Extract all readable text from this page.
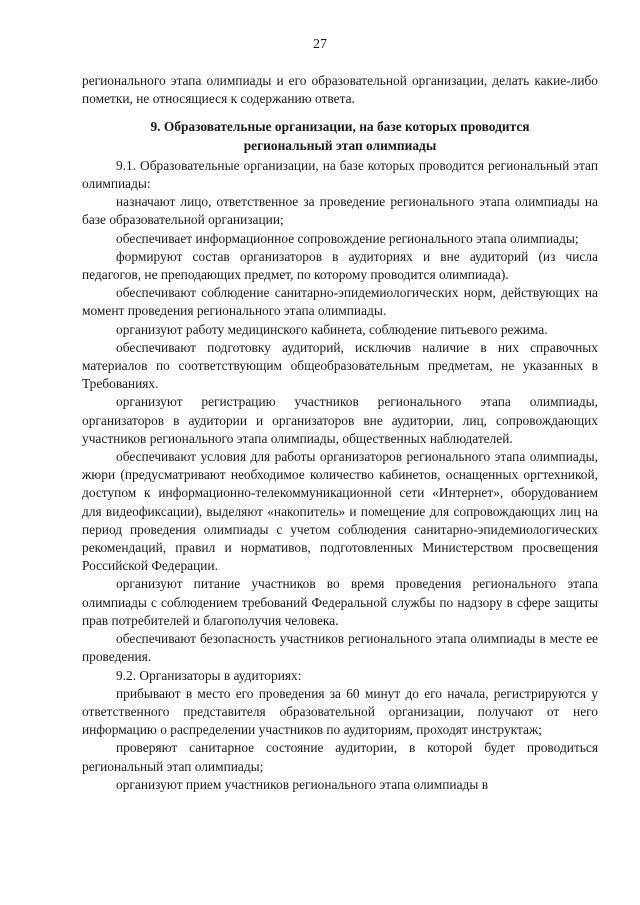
27

регионального этапа олимпиады и его образовательной организации, делать какие-либо пометки, не относящиеся к содержанию ответа.

9. Образовательные организации, на базе которых проводится региональный этап олимпиады

9.1. Образовательные организации, на базе которых проводится региональный этап олимпиады:

назначают лицо, ответственное за проведение регионального этапа олимпиады на базе образовательной организации;

обеспечивает информационное сопровождение регионального этапа олимпиады;

формируют состав организаторов в аудиториях и вне аудиторий (из числа педагогов, не преподающих предмет, по которому проводится олимпиада).

обеспечивают соблюдение санитарно-эпидемиологических норм, действующих на момент проведения регионального этапа олимпиады.

организуют работу медицинского кабинета, соблюдение питьевого режима.

обеспечивают подготовку аудиторий, исключив наличие в них справочных материалов по соответствующим общеобразовательным предметам, не указанных в Требованиях.

организуют регистрацию участников регионального этапа олимпиады, организаторов в аудитории и организаторов вне аудитории, лиц, сопровождающих участников регионального этапа олимпиады, общественных наблюдателей.

обеспечивают условия для работы организаторов регионального этапа олимпиады, жюри (предусматривают необходимое количество кабинетов, оснащенных оргтехникой, доступом к информационно-телекоммуникационной сети «Интернет», оборудованием для видеофиксации), выделяют «накопитель» и помещение для сопровождающих лиц на период проведения олимпиады с учетом соблюдения санитарно-эпидемиологических рекомендаций, правил и нормативов, подготовленных Министерством просвещения Российской Федерации.

организуют питание участников во время проведения регионального этапа олимпиады с соблюдением требований Федеральной службы по надзору в сфере защиты прав потребителей и благополучия человека.

обеспечивают безопасность участников регионального этапа олимпиады в месте ее проведения.

9.2. Организаторы в аудиториях:

прибывают в место его проведения за 60 минут до его начала, регистрируются у ответственного представителя образовательной организации, получают от него информацию о распределении участников по аудиториям, проходят инструктаж;

проверяют санитарное состояние аудитории, в которой будет проводиться региональный этап олимпиады;

организуют прием участников регионального этапа олимпиады в
